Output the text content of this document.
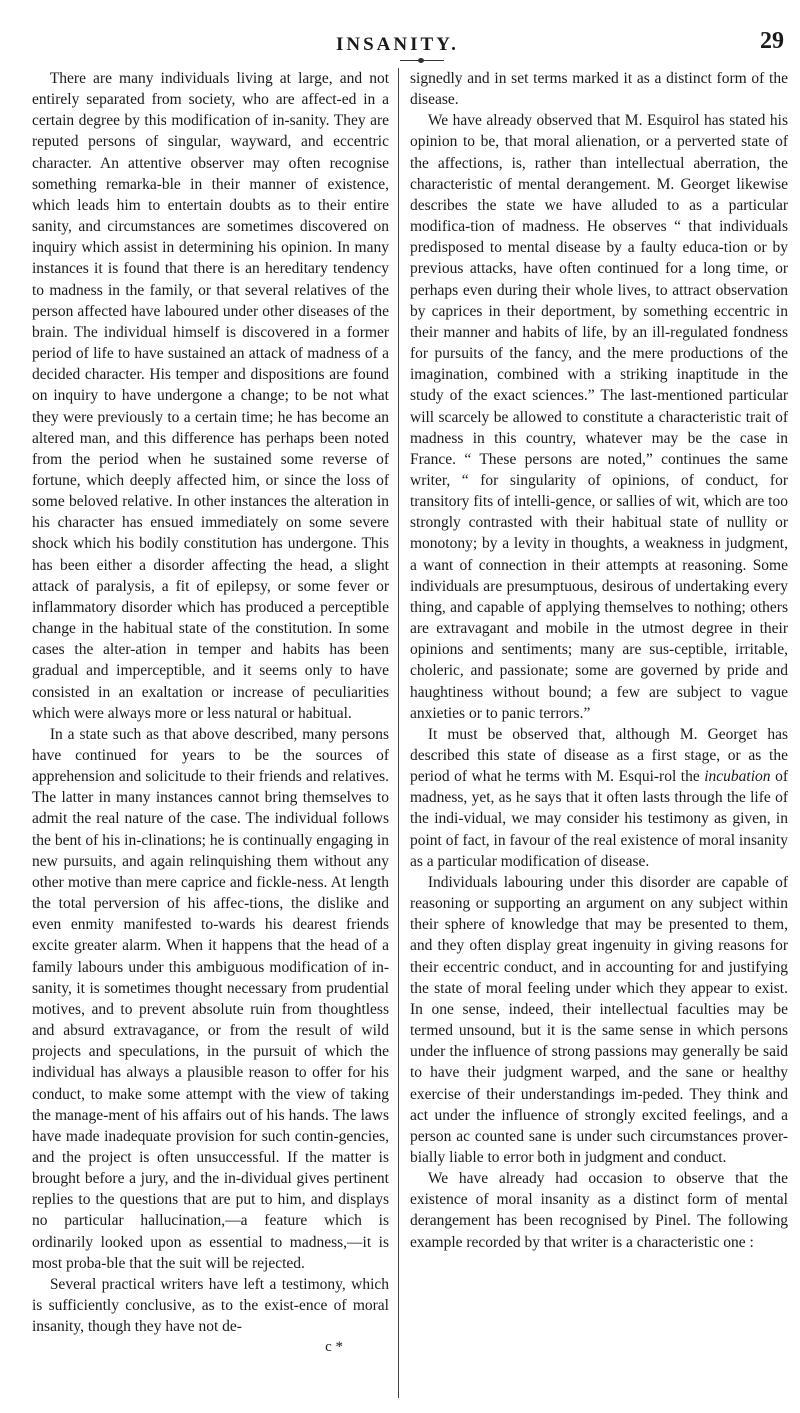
INSANITY.	29

There are many individuals living at large, and not entirely separated from society, who are affect-ed in a certain degree by this modification of in-sanity. They are reputed persons of singular, wayward, and eccentric character. An attentive observer may often recognise something remarka-ble in their manner of existence, which leads him to entertain doubts as to their entire sanity, and circumstances are sometimes discovered on inquiry which assist in determining his opinion. In many instances it is found that there is an hereditary tendency to madness in the family, or that several relatives of the person affected have laboured under other diseases of the brain. The individual himself is discovered in a former period of life to have sustained an attack of madness of a decided character. His temper and dispositions are found on inquiry to have undergone a change; to be not what they were previously to a certain time; he has become an altered man, and this difference has perhaps been noted from the period when he sustained some reverse of fortune, which deeply affected him, or since the loss of some beloved relative. In other instances the alteration in his character has ensued immediately on some severe shock which his bodily constitution has undergone. This has been either a disorder affecting the head, a slight attack of paralysis, a fit of epilepsy, or some fever or inflammatory disorder which has produced a perceptible change in the habitual state of the constitution. In some cases the alter-ation in temper and habits has been gradual and imperceptible, and it seems only to have consisted in an exaltation or increase of peculiarities which were always more or less natural or habitual.

In a state such as that above described, many persons have continued for years to be the sources of apprehension and solicitude to their friends and relatives. The latter in many instances cannot bring themselves to admit the real nature of the case. The individual follows the bent of his in-clinations; he is continually engaging in new pursuits, and again relinquishing them without any other motive than mere caprice and fickle-ness. At length the total perversion of his affec-tions, the dislike and even enmity manifested to-wards his dearest friends excite greater alarm. When it happens that the head of a family labours under this ambiguous modification of in-sanity, it is sometimes thought necessary from prudential motives, and to prevent absolute ruin from thoughtless and absurd extravagance, or from the result of wild projects and speculations, in the pursuit of which the individual has always a plausible reason to offer for his conduct, to make some attempt with the view of taking the manage-ment of his affairs out of his hands. The laws have made inadequate provision for such contin-gencies, and the project is often unsuccessful. If the matter is brought before a jury, and the in-dividual gives pertinent replies to the questions that are put to him, and displays no particular hallucination,—a feature which is ordinarily looked upon as essential to madness,—it is most proba-ble that the suit will be rejected.

Several practical writers have left a testimony, which is sufficiently conclusive, as to the exist-ence of moral insanity, though they have not de-

c *

signedly and in set terms marked it as a distinct form of the disease.

We have already observed that M. Esquirol has stated his opinion to be, that moral alienation, or a perverted state of the affections, is, rather than intellectual aberration, the characteristic of mental derangement. M. Georget likewise describes the state we have alluded to as a particular modifica-tion of madness. He observes “ that individuals predisposed to mental disease by a faulty educa-tion or by previous attacks, have often continued for a long time, or perhaps even during their whole lives, to attract observation by caprices in their deportment, by something eccentric in their manner and habits of life, by an ill-regulated fondness for pursuits of the fancy, and the mere productions of the imagination, combined with a striking inaptitude in the study of the exact sciences.” The last-mentioned particular will scarcely be allowed to constitute a characteristic trait of madness in this country, whatever may be the case in France. “ These persons are noted,” continues the same writer, “ for singularity of opinions, of conduct, for transitory fits of intelli-gence, or sallies of wit, which are too strongly contrasted with their habitual state of nullity or monotony; by a levity in thoughts, a weakness in judgment, a want of connection in their attempts at reasoning. Some individuals are presumptuous, desirous of undertaking every thing, and capable of applying themselves to nothing; others are extravagant and mobile in the utmost degree in their opinions and sentiments; many are sus-ceptible, irritable, choleric, and passionate; some are governed by pride and haughtiness without bound; a few are subject to vague anxieties or to panic terrors.”

It must be observed that, although M. Georget has described this state of disease as a first stage, or as the period of what he terms with M. Esqui-rol the incubation of madness, yet, as he says that it often lasts through the life of the indi-vidual, we may consider his testimony as given, in point of fact, in favour of the real existence of moral insanity as a particular modification of disease.

Individuals labouring under this disorder are capable of reasoning or supporting an argument on any subject within their sphere of knowledge that may be presented to them, and they often display great ingenuity in giving reasons for their eccentric conduct, and in accounting for and justifying the state of moral feeling under which they appear to exist. In one sense, indeed, their intellectual faculties may be termed unsound, but it is the same sense in which persons under the influence of strong passions may generally be said to have their judgment warped, and the sane or healthy exercise of their understandings im-peded. They think and act under the influence of strongly excited feelings, and a person ac counted sane is under such circumstances prover-bially liable to error both in judgment and conduct.

We have already had occasion to observe that the existence of moral insanity as a distinct form of mental derangement has been recognised by Pinel. The following example recorded by that writer is a characteristic one :
